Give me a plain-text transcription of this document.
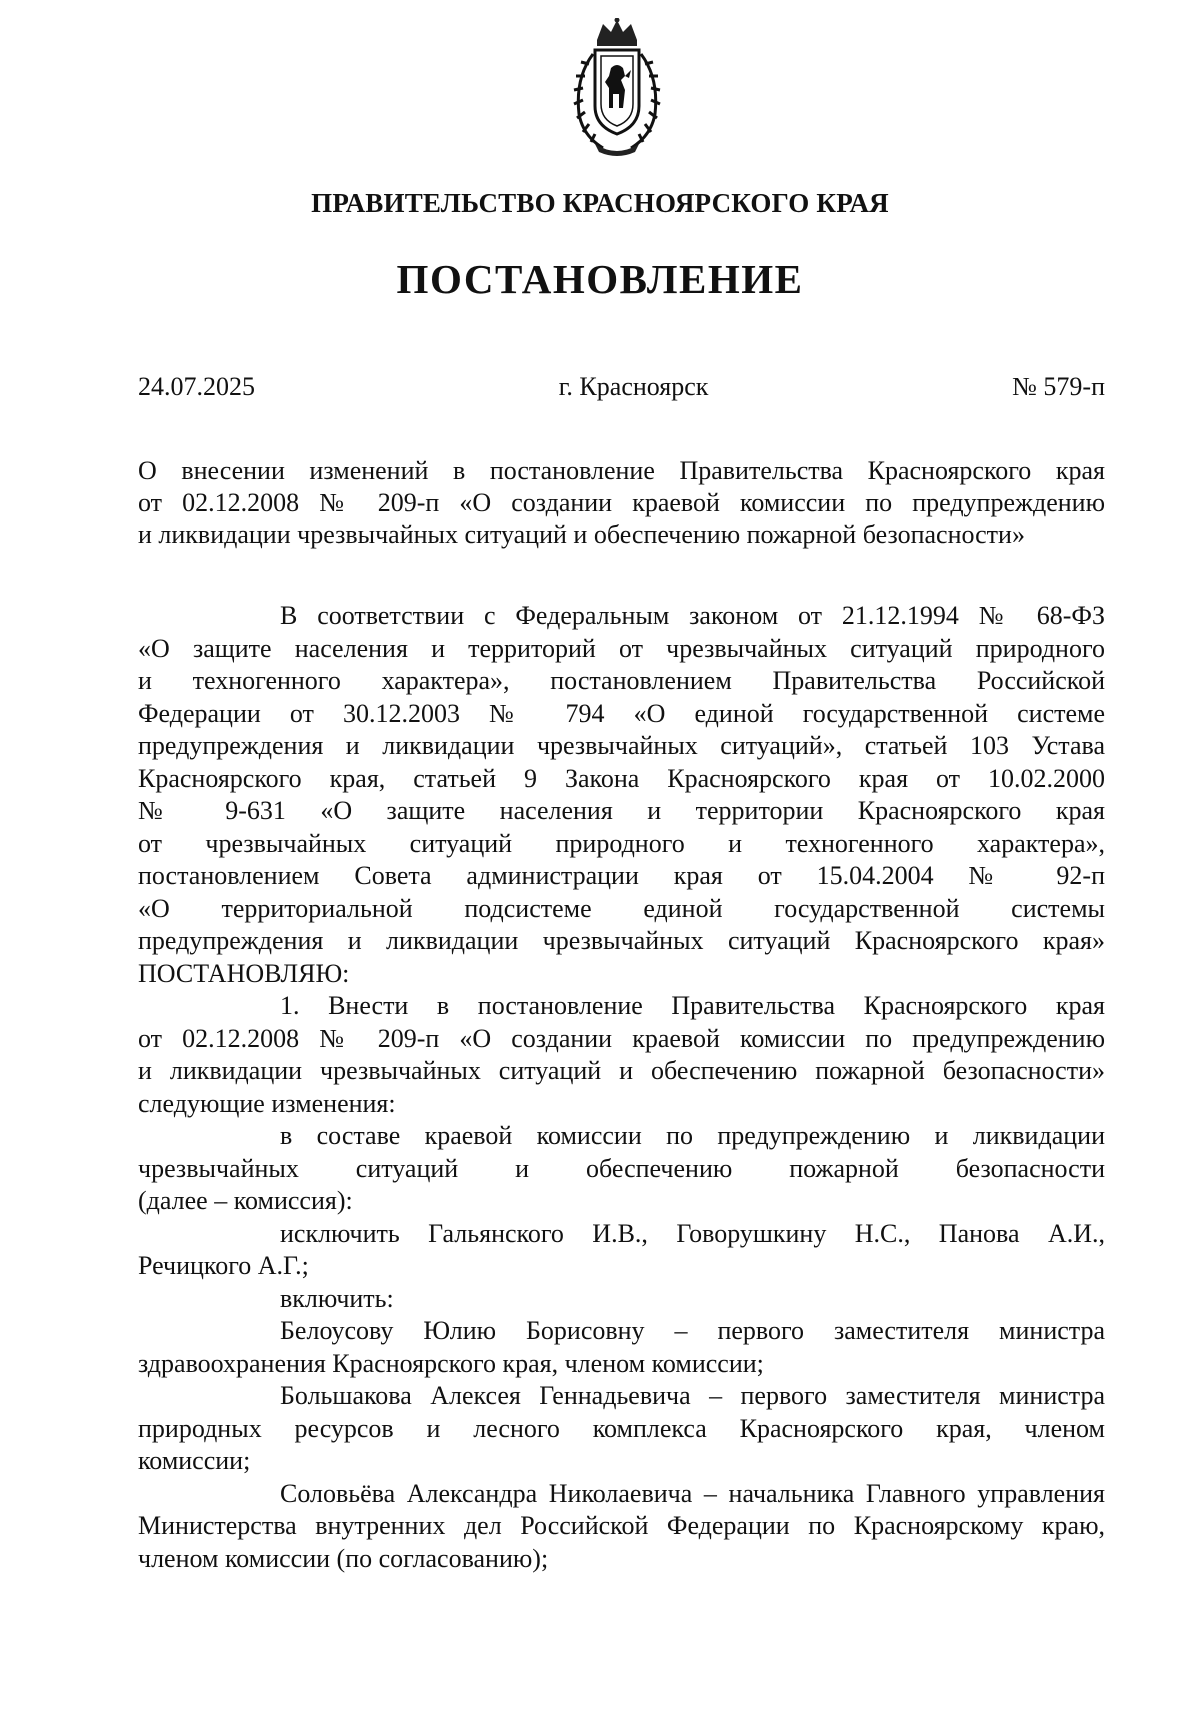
ПРАВИТЕЛЬСТВО КРАСНОЯРСКОГО КРАЯ
ПОСТАНОВЛЕНИЕ
24.07.2025	г. Красноярск	№ 579-п
О внесении изменений в постановление Правительства Красноярского края
от 02.12.2008 № 209-п «О создании краевой комиссии по предупреждению
и ликвидации чрезвычайных ситуаций и обеспечению пожарной безопасности»
В соответствии с Федеральным законом от 21.12.1994 № 68-ФЗ
«О защите населения и территорий от чрезвычайных ситуаций природного
и техногенного характера», постановлением Правительства Российской
Федерации от 30.12.2003 № 794 «О единой государственной системе
предупреждения и ликвидации чрезвычайных ситуаций», статьей 103 Устава
Красноярского края, статьей 9 Закона Красноярского края от 10.02.2000
№ 9-631 «О защите населения и территории Красноярского края
от чрезвычайных ситуаций природного и техногенного характера»,
постановлением Совета администрации края от 15.04.2004 № 92-п
«О территориальной подсистеме единой государственной системы
предупреждения и ликвидации чрезвычайных ситуаций Красноярского края»
ПОСТАНОВЛЯЮ:
1. Внести в постановление Правительства Красноярского края
от 02.12.2008 № 209-п «О создании краевой комиссии по предупреждению
и ликвидации чрезвычайных ситуаций и обеспечению пожарной безопасности»
следующие изменения:
в составе краевой комиссии по предупреждению и ликвидации
чрезвычайных ситуаций и обеспечению пожарной безопасности
(далее – комиссия):
исключить Гальянского И.В., Говорушкину Н.С., Панова А.И.,
Речицкого А.Г.;
включить:
Белоусову Юлию Борисовну – первого заместителя министра
здравоохранения Красноярского края, членом комиссии;
Большакова Алексея Геннадьевича – первого заместителя министра
природных ресурсов и лесного комплекса Красноярского края, членом
комиссии;
Соловьёва Александра Николаевича – начальника Главного управления
Министерства внутренних дел Российской Федерации по Красноярскому краю,
членом комиссии (по согласованию);
